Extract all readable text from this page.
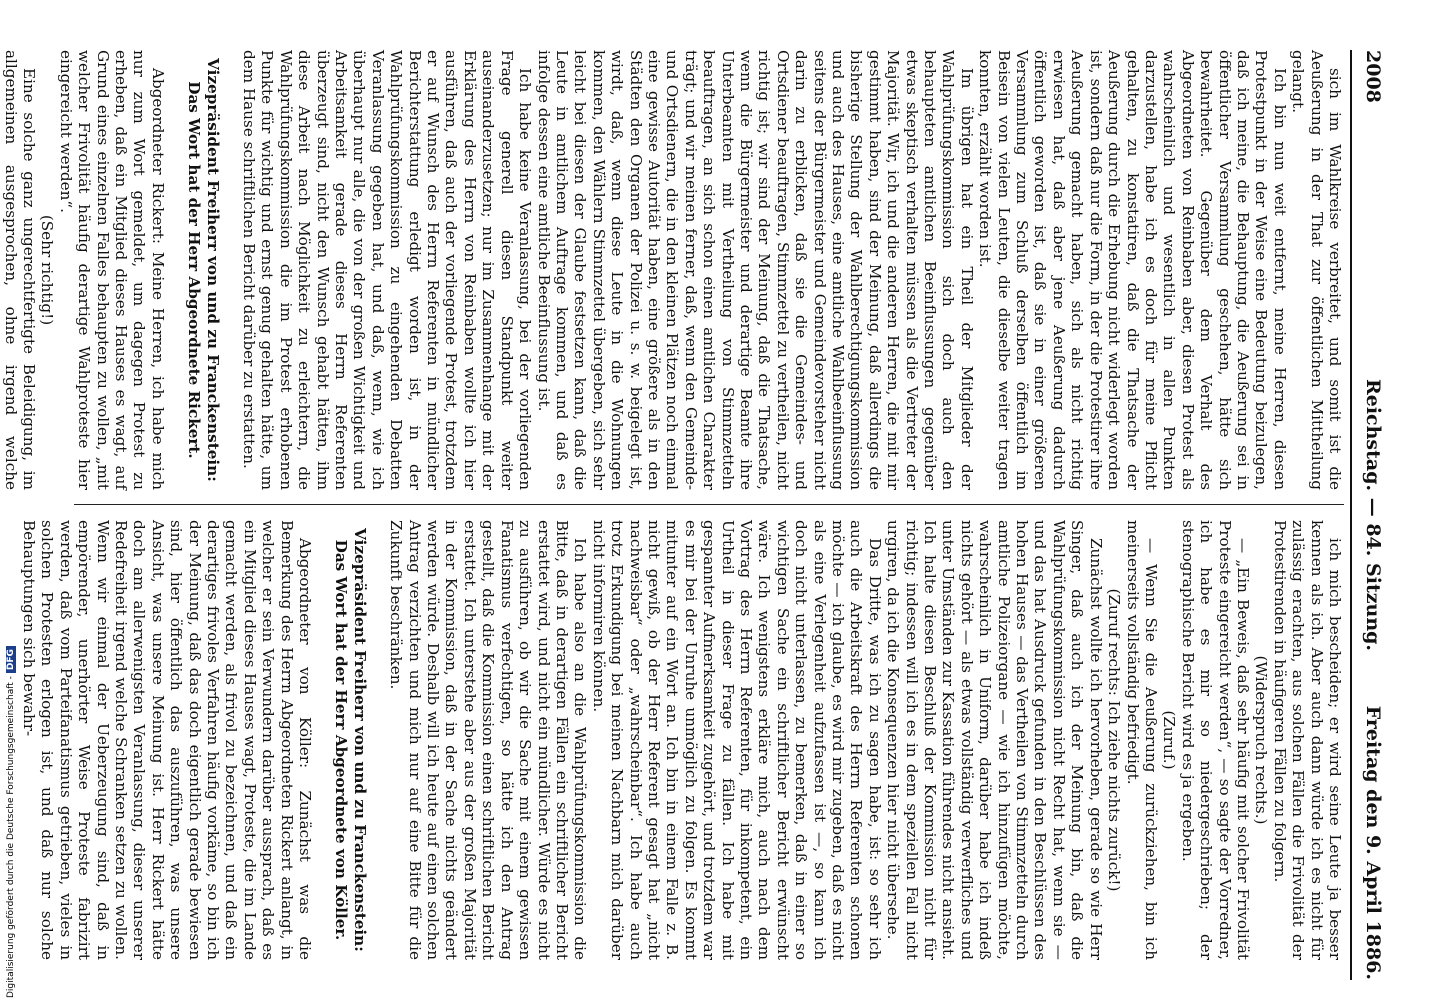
2008
Reichstag. — 84. Sitzung.
Freitag den 9. April 1886.

sich im Wahlkreise verbreitet, und somit ist die Aeußerung in der That zur öffentlichen Mittheilung gelangt.

Ich bin nun weit entfernt, meine Herren, diesen Protestpunkt in der Weise eine Bedeutung beizulegen, daß ich meine, die Behauptung, die Aeußerung sei in öffentlicher Versammlung geschehen, hätte sich bewahrheitet. Gegenüber dem Verhalt des Abgeordneten von Reinbaben aber, diesen Protest als wahrscheinlich und wesentlich in allen Punkten darzustellen, habe ich es doch für meine Pflicht gehalten, zu konstatiren, daß die Thatsache der Aeußerung durch die Erhebung nicht widerlegt worden ist, sondern daß nur die Form, in der die Protestirer ihre Aeußerung gemacht haben, sich als nicht richtig erwiesen hat, daß aber jene Aeußerung dadurch öffentlich geworden ist, daß sie in einer größeren Versammlung zum Schluß derselben öffentlich im Beisein von vielen Leuten, die dieselbe weiter tragen konnten, erzählt worden ist.

Im übrigen hat ein Theil der Mitglieder der Wahlprüfungskommission sich doch auch den behaupteten amtlichen Beeinflussungen gegenüber etwas skeptisch verhalten müssen als die Vertreter der Majorität. Wir, ich und die anderen Herren, die mit mir gestimmt haben, sind der Meinung, daß allerdings die bisherige Stellung der Wahlberechtigungskommission und auch des Hauses, eine amtliche Wahlbeeinflussung seitens der Bürgermeister und Gemeindevorsteher nicht darin zu erblicken, daß sie die Gemeindes- und Ortsdiener beauftragen, Stimmzettel zu vertheilen, nicht richtig ist; wir sind der Meinung, daß die Thatsache, wenn die Bürgermeister und derartige Beamte ihre Unterbeamten mit Vertheilung von Stimmzetteln beauftragen, an sich schon einen amtlichen Charakter trägt; und wir meinen ferner, daß, wenn den Gemeinde- und Ortsdienern, die in den kleinen Plätzen noch einmal eine gewisse Autorität haben, eine größere als in den Städten den Organen der Polizei u. s. w. beigelegt ist, wirdt, daß, wenn diese Leute in die Wohnungen kommen, den Wählern Stimmzettel übergeben, sich sehr leicht bei diesen der Glaube festsetzen kann, daß die Leute in amtlichem Auftrage kommen, und daß es infolge dessen eine amtliche Beeinflussung ist.

Ich habe keine Veranlassung, bei der vorliegenden Frage generell diesen Standpunkt weiter auseinanderzusetzen; nur im Zusammenhange mit der Erklärung des Herrn von Reinbaben wollte ich hier ausführen, daß auch der vorliegende Protest, trotzdem er auf Wunsch des Herrn Referenten in mündlicher Berichterstattung erledigt worden ist, in der Wahlprüfungskommission zu eingehenden Debatten Veranlassung gegeben hat, und daß, wenn, wie ich überhaupt nur alle, die von der großen Wichtigkeit und Arbeitsamkeit gerade dieses Herrn Referenten überzeugt sind, nicht den Wunsch gehabt hätten, ihm diese Arbeit nach Möglichkeit zu erleichtern, die Wahlprüfungskommission die im Protest erhobenen Punkte für wichtig und ernst genug gehalten hätte, um dem Hause schriftlichen Bericht darüber zu erstatten.

Vizepräsident Freiherr von und zu Franckenstein: Das Wort hat der Herr Abgeordnete Rickert.

Abgeordneter Rickert: Meine Herren, ich habe mich nur zum Wort gemeldet, um dagegen Protest zu erheben, daß ein Mitglied dieses Hauses es wagt, auf Grund eines einzelnen Falles behaupten zu wollen, „mit welcher Frivolität häufig derartige Wahlproteste hier eingereicht werden“.

(Sehr richtig!)

Eine solche ganz ungerechtfertigte Beleidigung, im allgemeinen ausgesprochen, ohne irgend welche

ich mich bescheiden; er wird seine Leute ja besser kennen als ich. Aber auch dann würde ich es nicht für zulässig erachten, aus solchen Fällen die Frivolität der Protestirenden in häufigeren Fällen zu folgern.

(Widerspruch rechts.)

— „Ein Beweis, daß sehr häufig mit solcher Frivolität Proteste eingereicht werden“, — so sagte der Vorredner, ich habe es mir so niedergeschrieben; der stenographische Bericht wird es ja ergeben.

(Zuruf.)

— Wenn Sie die Aeußerung zurückziehen, bin ich meinerseits vollständig befriedigt.

(Zuruf rechts: Ich ziehe nichts zurück!)

Zunächst wollte ich hervorheben, gerade so wie Herr Singer, daß auch ich der Meinung bin, daß die Wahlprüfungskommission nicht Recht hat, wenn sie — und das hat Ausdruck gefunden in den Beschlüssen des hohen Hauses — das Vertheilen von Stimmzetteln durch amtliche Polizeiorgane — wie ich hinzufügen möchte, wahrscheinlich in Uniform, darüber habe ich indeß nichts gehört — als etwas vollständig verwerfliches und unter Umständen zur Kassation führendes nicht ansieht. Ich halte diesen Beschluß der Kommission nicht für richtig; indessen will ich es in dem speziellen Fall nicht urgiren, da ich die Konsequenzen hier nicht übersehe.

Das Dritte, was ich zu sagen habe, ist: so sehr ich auch die Arbeitskraft des Herrn Referenten schonen möchte — ich glaube, es wird mir zugeben, daß es nicht als eine Verlegenheit aufzufassen ist —, so kann ich doch nicht unterlassen, zu bemerken, daß in einer so wichtigen Sache ein schriftlicher Bericht erwünscht wäre. Ich wenigstens erkläre mich, auch nach dem Vortrag des Herrn Referenten, für inkompetent, ein Urtheil in dieser Frage zu fällen. Ich habe mit gespannter Aufmerksamkeit zugehört, und trotzdem war es mir bei der Unruhe unmöglich zu folgen. Es kommt mitunter auf ein Wort an. Ich bin in einem Falle z. B. nicht gewiß, ob der Herr Referent gesagt hat „nicht nachweisbar“ oder „wahrscheinbar“. Ich habe auch trotz Erkundigung bei meinen Nachbarn mich darüber nicht informiren können.

Ich habe also an die Wahlprüfungskommission die Bitte, daß in derartigen Fällen ein schriftlicher Bericht erstattet wird, und nicht ein mündlicher. Würde es nicht zu ausführen, ob wir die Sache mit einem gewissen Fanatismus verfechtigen, so hätte ich den Antrag gestellt, daß die Kommission einen schriftlichen Bericht erstattet. Ich unterstehe aber aus der großen Majorität in der Kommission, daß in der Sache nichts geändert werden würde. Deshalb will ich heute auf einen solchen Antrag verzichten und mich nur auf eine Bitte für die Zukunft beschränken.

Vizepräsident Freiherr von und zu Franckenstein: Das Wort hat der Herr Abgeordnete von Köller.

Abgeordneter von Köller: Zunächst was die Bemerkung des Herrn Abgeordneten Rickert anlangt, in welcher er sein Verwundern darüber aussprach, daß es ein Mitglied dieses Hauses wagt, Proteste, die im Lande gemacht werden, als frivol zu bezeichnen, und daß ein derartiges frivoles Verfahren häufig vorkäme, so bin ich der Meinung, daß das doch eigentlich gerade bewiesen sind, hier öffentlich das auszuführen, was unsere Ansicht, was unsere Meinung ist. Herr Rickert hätte doch am allerwenigsten Veranlassung, dieser unserer Redefreiheit irgend welche Schranken setzen zu wollen. Wenn wir einmal der Ueberzeugung sind, daß in empörender, unerhörter Weise Proteste fabrizirt werden, daß vom Parteifanatismus getrieben, vieles in solchen Protesten erlogen ist, und daß nur solche Behauptungen sich bewahr-

Digitalisierung gefördert durch die Deutsche Forschungsgemeinschaft -DFG
